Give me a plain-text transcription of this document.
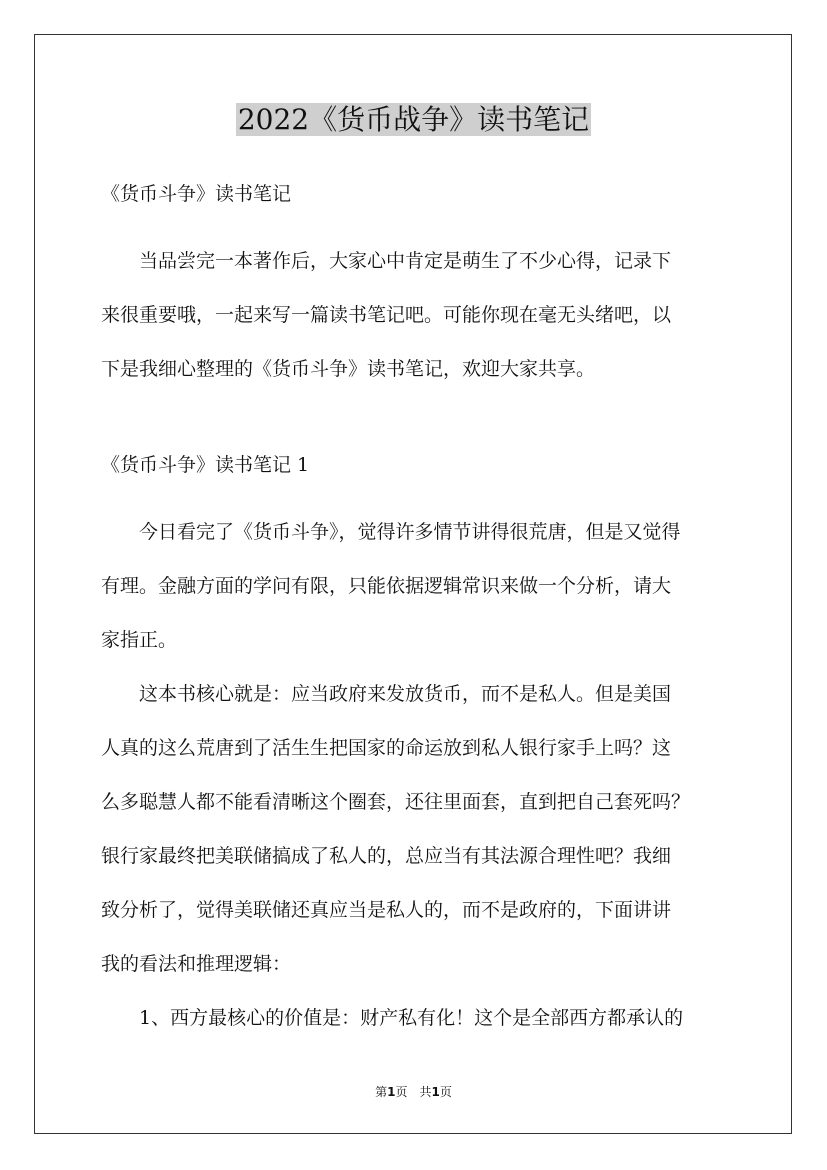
2022《货币战争》读书笔记

《货币斗争》读书笔记

　　当品尝完一本著作后，大家心中肯定是萌生了不少心得，记录下
来很重要哦，一起来写一篇读书笔记吧。可能你现在毫无头绪吧，以
下是我细心整理的《货币斗争》读书笔记，欢迎大家共享。

《货币斗争》读书笔记 1

　　今日看完了《货币斗争》，觉得许多情节讲得很荒唐，但是又觉得
有理。金融方面的学问有限，只能依据逻辑常识来做一个分析，请大
家指正。
　　这本书核心就是：应当政府来发放货币，而不是私人。但是美国
人真的这么荒唐到了活生生把国家的命运放到私人银行家手上吗？这
么多聪慧人都不能看清晰这个圈套，还往里面套，直到把自己套死吗？
银行家最终把美联储搞成了私人的，总应当有其法源合理性吧？我细
致分析了，觉得美联储还真应当是私人的，而不是政府的，下面讲讲
我的看法和推理逻辑：
　　1、西方最核心的价值是：财产私有化！这个是全部西方都承认的
第1页　共1页
